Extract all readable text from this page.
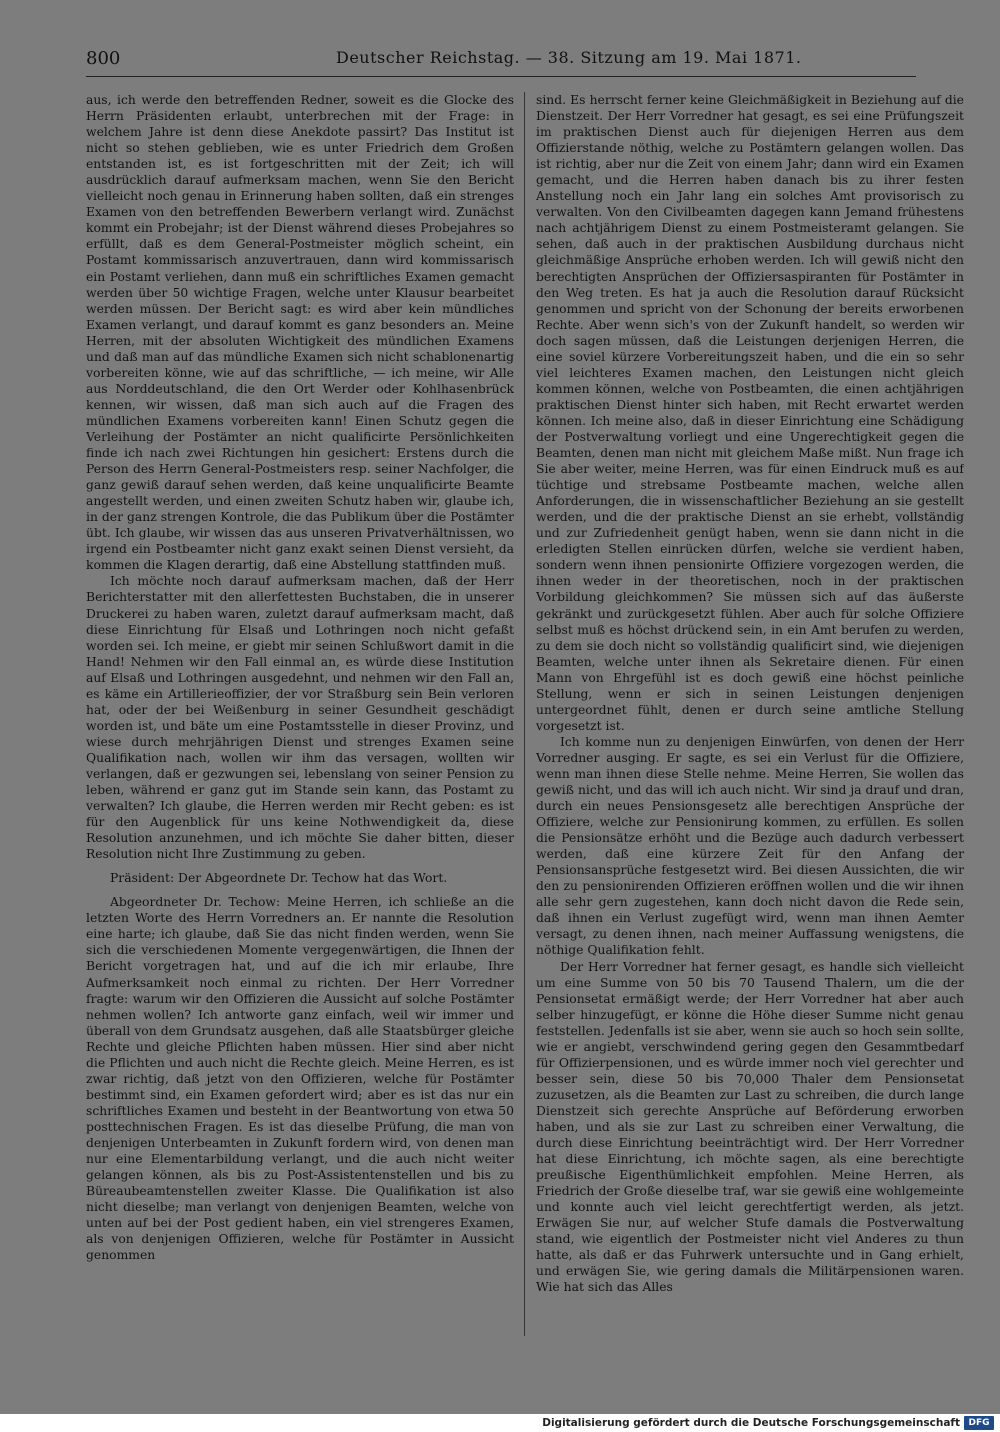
800	Deutscher Reichstag. — 38. Sitzung am 19. Mai 1871.

aus, ich werde den betreffenden Redner, soweit es die Glocke des Herrn Präsidenten erlaubt, unterbrechen mit der Frage: in welchem Jahre ist denn diese Anekdote passirt? Das Institut ist nicht so stehen geblieben, wie es unter Friedrich dem Großen entstanden ist, es ist fortgeschritten mit der Zeit; ich will ausdrücklich darauf aufmerksam machen, wenn Sie den Bericht vielleicht noch genau in Erinnerung haben sollten, daß ein strenges Examen von den betreffenden Bewerbern verlangt wird. Zunächst kommt ein Probejahr; ist der Dienst während dieses Probejahres so erfüllt, daß es dem General-Postmeister möglich scheint, ein Postamt kommissarisch anzuvertrauen, dann wird kommissarisch ein Postamt verliehen, dann muß ein schriftliches Examen gemacht werden über 50 wichtige Fragen, welche unter Klausur bearbeitet werden müssen. Der Bericht sagt: es wird aber kein mündliches Examen verlangt, und darauf kommt es ganz besonders an. Meine Herren, mit der absoluten Wichtigkeit des mündlichen Examens und daß man auf das mündliche Examen sich nicht schablonenartig vorbereiten könne, wie auf das schriftliche, — ich meine, wir Alle aus Norddeutschland, die den Ort Werder oder Kohlhasenbrück kennen, wir wissen, daß man sich auch auf die Fragen des mündlichen Examens vorbereiten kann! Einen Schutz gegen die Verleihung der Postämter an nicht qualificirte Persönlichkeiten finde ich nach zwei Richtungen hin gesichert: Erstens durch die Person des Herrn General-Postmeisters resp. seiner Nachfolger, die ganz gewiß darauf sehen werden, daß keine unqualificirte Beamte angestellt werden, und einen zweiten Schutz haben wir, glaube ich, in der ganz strengen Kontrole, die das Publikum über die Postämter übt. Ich glaube, wir wissen das aus unseren Privatverhältnissen, wo irgend ein Postbeamter nicht ganz exakt seinen Dienst versieht, da kommen die Klagen derartig, daß eine Abstellung stattfinden muß.

Ich möchte noch darauf aufmerksam machen, daß der Herr Berichterstatter mit den allerfettesten Buchstaben, die in unserer Druckerei zu haben waren, zuletzt darauf aufmerksam macht, daß diese Einrichtung für Elsaß und Lothringen noch nicht gefaßt worden sei. Ich meine, er giebt mir seinen Schlußwort damit in die Hand! Nehmen wir den Fall einmal an, es würde diese Institution auf Elsaß und Lothringen ausgedehnt, und nehmen wir den Fall an, es käme ein Artillerieoffizier, der vor Straßburg sein Bein verloren hat, oder der bei Weißenburg in seiner Gesundheit geschädigt worden ist, und bäte um eine Postamtsstelle in dieser Provinz, und wiese durch mehrjährigen Dienst und strenges Examen seine Qualifikation nach, wollen wir ihm das versagen, wollten wir verlangen, daß er gezwungen sei, lebenslang von seiner Pension zu leben, während er ganz gut im Stande sein kann, das Postamt zu verwalten? Ich glaube, die Herren werden mir Recht geben: es ist für den Augenblick für uns keine Nothwendigkeit da, diese Resolution anzunehmen, und ich möchte Sie daher bitten, dieser Resolution nicht Ihre Zustimmung zu geben.

Präsident: Der Abgeordnete Dr. Techow hat das Wort.

Abgeordneter Dr. Techow: Meine Herren, ich schließe an die letzten Worte des Herrn Vorredners an. Er nannte die Resolution eine harte; ich glaube, daß Sie das nicht finden werden, wenn Sie sich die verschiedenen Momente vergegenwärtigen, die Ihnen der Bericht vorgetragen hat, und auf die ich mir erlaube, Ihre Aufmerksamkeit noch einmal zu richten. Der Herr Vorredner fragte: warum wir den Offizieren die Aussicht auf solche Postämter nehmen wollen? Ich antworte ganz einfach, weil wir immer und überall von dem Grundsatz ausgehen, daß alle Staatsbürger gleiche Rechte und gleiche Pflichten haben müssen. Hier sind aber nicht die Pflichten und auch nicht die Rechte gleich. Meine Herren, es ist zwar richtig, daß jetzt von den Offizieren, welche für Postämter bestimmt sind, ein Examen gefordert wird; aber es ist das nur ein schriftliches Examen und besteht in der Beantwortung von etwa 50 posttechnischen Fragen. Es ist das dieselbe Prüfung, die man von denjenigen Unterbeamten in Zukunft fordern wird, von denen man nur eine Elementarbildung verlangt, und die auch nicht weiter gelangen können, als bis zu Post-Assistentenstellen und bis zu Büreaubeamtenstellen zweiter Klasse. Die Qualifikation ist also nicht dieselbe; man verlangt von denjenigen Beamten, welche von unten auf bei der Post gedient haben, ein viel strengeres Examen, als von denjenigen Offizieren, welche für Postämter in Aussicht genommen

sind. Es herrscht ferner keine Gleichmäßigkeit in Beziehung auf die Dienstzeit. Der Herr Vorredner hat gesagt, es sei eine Prüfungszeit im praktischen Dienst auch für diejenigen Herren aus dem Offizierstande nöthig, welche zu Postämtern gelangen wollen. Das ist richtig, aber nur die Zeit von einem Jahr; dann wird ein Examen gemacht, und die Herren haben danach bis zu ihrer festen Anstellung noch ein Jahr lang ein solches Amt provisorisch zu verwalten. Von den Civilbeamten dagegen kann Jemand frühestens nach achtjährigem Dienst zu einem Postmeisteramt gelangen. Sie sehen, daß auch in der praktischen Ausbildung durchaus nicht gleichmäßige Ansprüche erhoben werden. Ich will gewiß nicht den berechtigten Ansprüchen der Offiziersaspiranten für Postämter in den Weg treten. Es hat ja auch die Resolution darauf Rücksicht genommen und spricht von der Schonung der bereits erworbenen Rechte. Aber wenn sich's von der Zukunft handelt, so werden wir doch sagen müssen, daß die Leistungen derjenigen Herren, die eine soviel kürzere Vorbereitungszeit haben, und die ein so sehr viel leichteres Examen machen, den Leistungen nicht gleich kommen können, welche von Postbeamten, die einen achtjährigen praktischen Dienst hinter sich haben, mit Recht erwartet werden können. Ich meine also, daß in dieser Einrichtung eine Schädigung der Postverwaltung vorliegt und eine Ungerechtigkeit gegen die Beamten, denen man nicht mit gleichem Maße mißt. Nun frage ich Sie aber weiter, meine Herren, was für einen Eindruck muß es auf tüchtige und strebsame Postbeamte machen, welche allen Anforderungen, die in wissenschaftlicher Beziehung an sie gestellt werden, und die der praktische Dienst an sie erhebt, vollständig und zur Zufriedenheit genügt haben, wenn sie dann nicht in die erledigten Stellen einrücken dürfen, welche sie verdient haben, sondern wenn ihnen pensionirte Offiziere vorgezogen werden, die ihnen weder in der theoretischen, noch in der praktischen Vorbildung gleichkommen? Sie müssen sich auf das äußerste gekränkt und zurückgesetzt fühlen. Aber auch für solche Offiziere selbst muß es höchst drückend sein, in ein Amt berufen zu werden, zu dem sie doch nicht so vollständig qualificirt sind, wie diejenigen Beamten, welche unter ihnen als Sekretaire dienen. Für einen Mann von Ehrgefühl ist es doch gewiß eine höchst peinliche Stellung, wenn er sich in seinen Leistungen denjenigen untergeordnet fühlt, denen er durch seine amtliche Stellung vorgesetzt ist.

Ich komme nun zu denjenigen Einwürfen, von denen der Herr Vorredner ausging. Er sagte, es sei ein Verlust für die Offiziere, wenn man ihnen diese Stelle nehme. Meine Herren, Sie wollen das gewiß nicht, und das will ich auch nicht. Wir sind ja drauf und dran, durch ein neues Pensionsgesetz alle berechtigen Ansprüche der Offiziere, welche zur Pensionirung kommen, zu erfüllen. Es sollen die Pensionsätze erhöht und die Bezüge auch dadurch verbessert werden, daß eine kürzere Zeit für den Anfang der Pensionsansprüche festgesetzt wird. Bei diesen Aussichten, die wir den zu pensionirenden Offizieren eröffnen wollen und die wir ihnen alle sehr gern zugestehen, kann doch nicht davon die Rede sein, daß ihnen ein Verlust zugefügt wird, wenn man ihnen Aemter versagt, zu denen ihnen, nach meiner Auffassung wenigstens, die nöthige Qualifikation fehlt.

Der Herr Vorredner hat ferner gesagt, es handle sich vielleicht um eine Summe von 50 bis 70 Tausend Thalern, um die der Pensionsetat ermäßigt werde; der Herr Vorredner hat aber auch selber hinzugefügt, er könne die Höhe dieser Summe nicht genau feststellen. Jedenfalls ist sie aber, wenn sie auch so hoch sein sollte, wie er angiebt, verschwindend gering gegen den Gesammtbedarf für Offizierpensionen, und es würde immer noch viel gerechter und besser sein, diese 50 bis 70,000 Thaler dem Pensionsetat zuzusetzen, als die Beamten zur Last zu schreiben, die durch lange Dienstzeit sich gerechte Ansprüche auf Beförderung erworben haben, und als sie zur Last zu schreiben einer Verwaltung, die durch diese Einrichtung beeinträchtigt wird. Der Herr Vorredner hat diese Einrichtung, ich möchte sagen, als eine berechtigte preußische Eigenthümlichkeit empfohlen. Meine Herren, als Friedrich der Große dieselbe traf, war sie gewiß eine wohlgemeinte und konnte auch viel leicht gerechtfertigt werden, als jetzt. Erwägen Sie nur, auf welcher Stufe damals die Postverwaltung stand, wie eigentlich der Postmeister nicht viel Anderes zu thun hatte, als daß er das Fuhrwerk untersuchte und in Gang erhielt, und erwägen Sie, wie gering damals die Militärpensionen waren. Wie hat sich das Alles

Digitalisierung gefördert durch die Deutsche Forschungsgemeinschaft DFG
